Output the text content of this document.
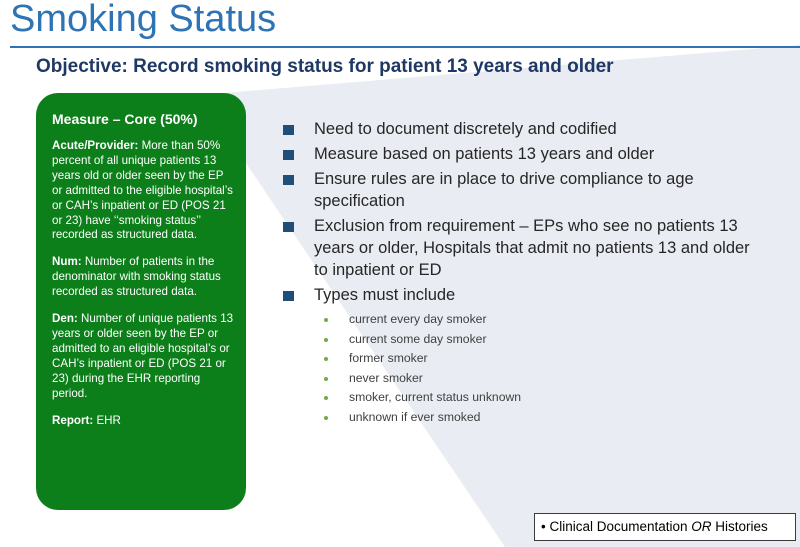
Smoking Status
Objective: Record smoking status for patient 13 years and older

Measure – Core (50%)

Acute/Provider: More than 50% percent of all unique patients 13 years old or older seen by the EP or admitted to the eligible hospital’s or CAH’s inpatient or ED (POS 21 or 23) have ‘‘smoking status’’ recorded as structured data.

Num: Number of patients in the denominator with smoking status recorded as structured data.

Den: Number of unique patients 13 years or older seen by the EP or admitted to an eligible hospital’s or CAH’s inpatient or ED (POS 21 or 23) during the EHR reporting period.

Report: EHR

Need to document discretely and codified
Measure based on patients 13 years and older
Ensure rules are in place to drive compliance to age specification
Exclusion from requirement – EPs who see no patients 13 years or older, Hospitals that admit no patients 13 and older to inpatient or ED
Types must include
current every day smoker
current some day smoker
former smoker
never smoker
smoker, current status unknown
unknown if ever smoked
• Clinical Documentation OR Histories
